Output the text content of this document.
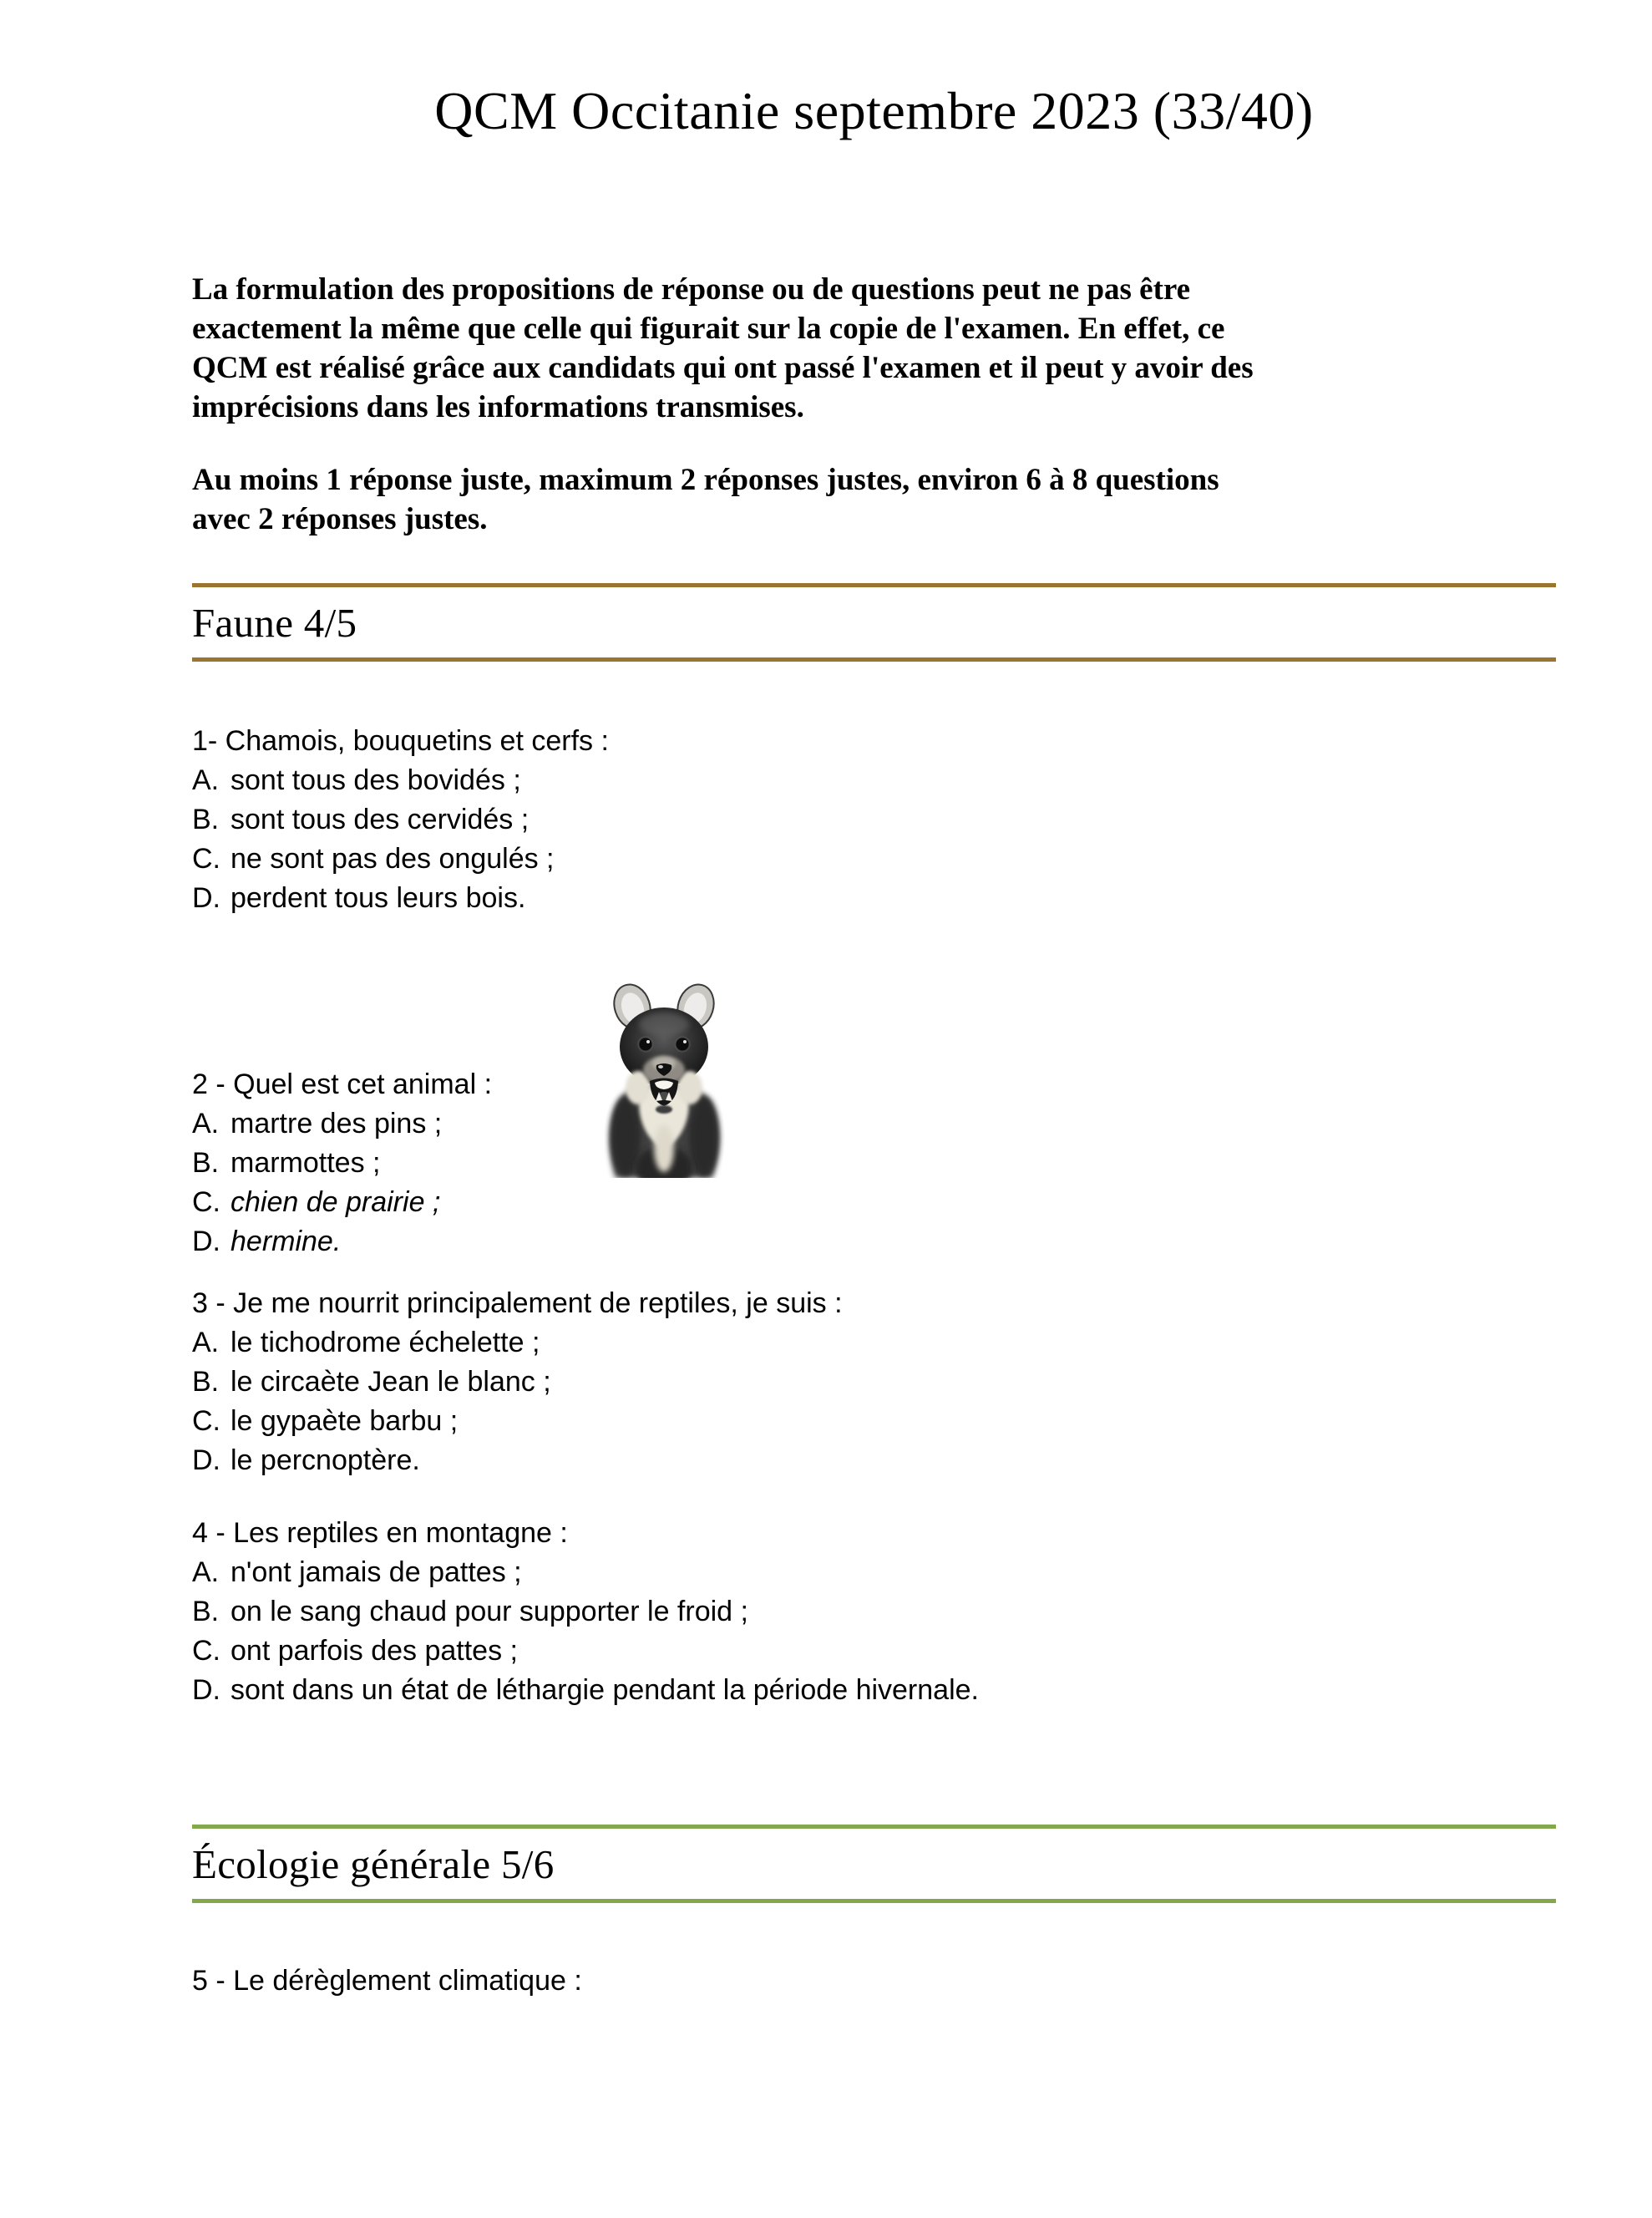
QCM Occitanie septembre 2023 (33/40)
La formulation des propositions de réponse ou de questions peut ne pas être
exactement la même que celle qui figurait sur la copie de l'examen. En effet, ce
QCM est réalisé grâce aux candidats qui ont passé l'examen et il peut y avoir des
imprécisions dans les informations transmises.
Au moins 1 réponse juste, maximum 2 réponses justes, environ 6 à 8 questions
avec 2 réponses justes.
Faune 4/5
1- Chamois, bouquetins et cerfs :
A. sont tous des bovidés ;
B. sont tous des cervidés ;
C. ne sont pas des ongulés ;
D. perdent tous leurs bois.
2 - Quel est cet animal :
A. martre des pins ;
B. marmottes ;
C. chien de prairie ;
D. hermine.
3 - Je me nourrit principalement de reptiles, je suis :
A. le tichodrome échelette ;
B. le circaète Jean le blanc ;
C. le gypaète barbu ;
D. le percnoptère.
4 - Les reptiles en montagne :
A. n'ont jamais de pattes ;
B. on le sang chaud pour supporter le froid ;
C. ont parfois des pattes ;
D. sont dans un état de léthargie pendant la période hivernale.
Écologie générale 5/6
5 - Le dérèglement climatique :
